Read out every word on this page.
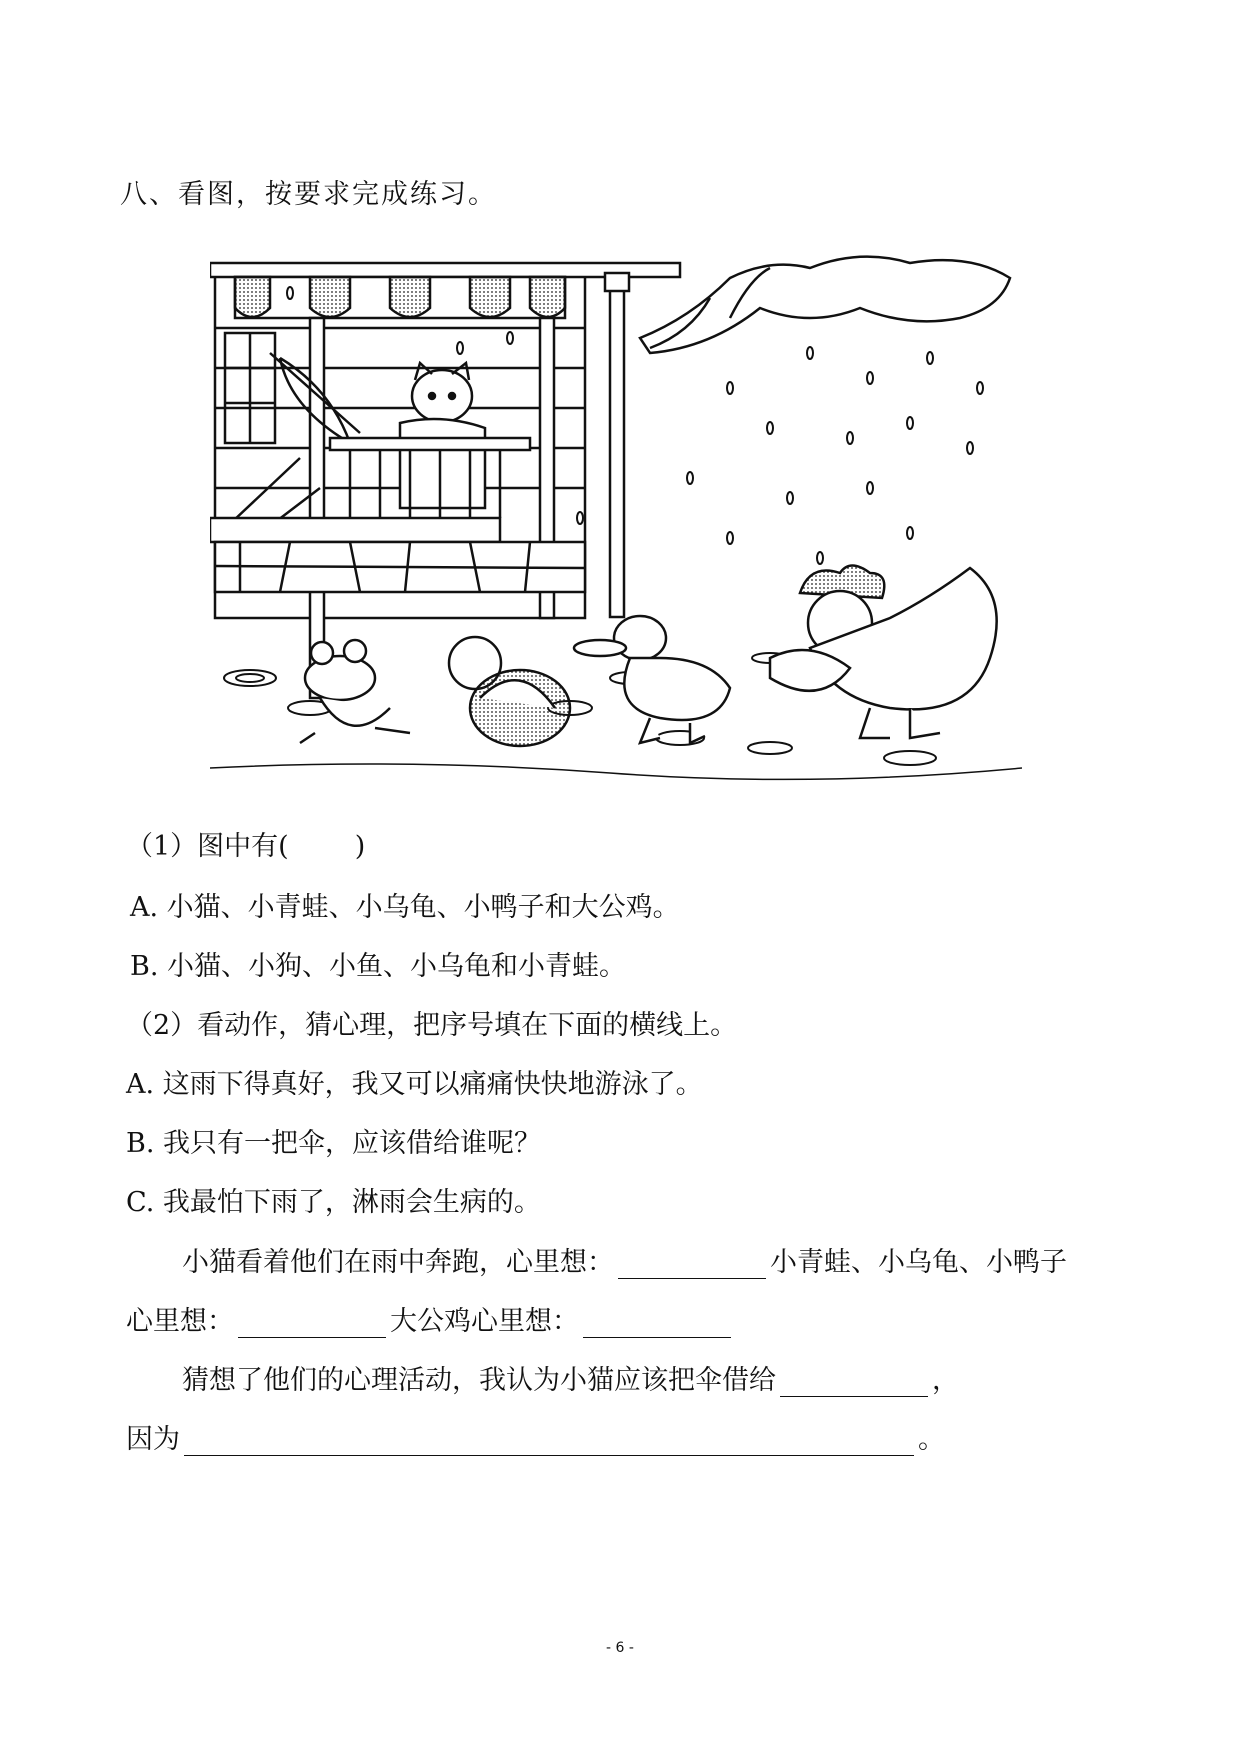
八、看图，按要求完成练习。
（1）图中有( )
A. 小猫、小青蛙、小乌龟、小鸭子和大公鸡。
B. 小猫、小狗、小鱼、小乌龟和小青蛙。
（2）看动作，猜心理，把序号填在下面的横线上。
A. 这雨下得真好，我又可以痛痛快快地游泳了。
B. 我只有一把伞，应该借给谁呢？
C. 我最怕下雨了，淋雨会生病的。
小猫看着他们在雨中奔跑，心里想：	小青蛙、小乌龟、小鸭子
心里想：	大公鸡心里想：
猜想了他们的心理活动，我认为小猫应该把伞借给	，
因为	。
- 6 -
